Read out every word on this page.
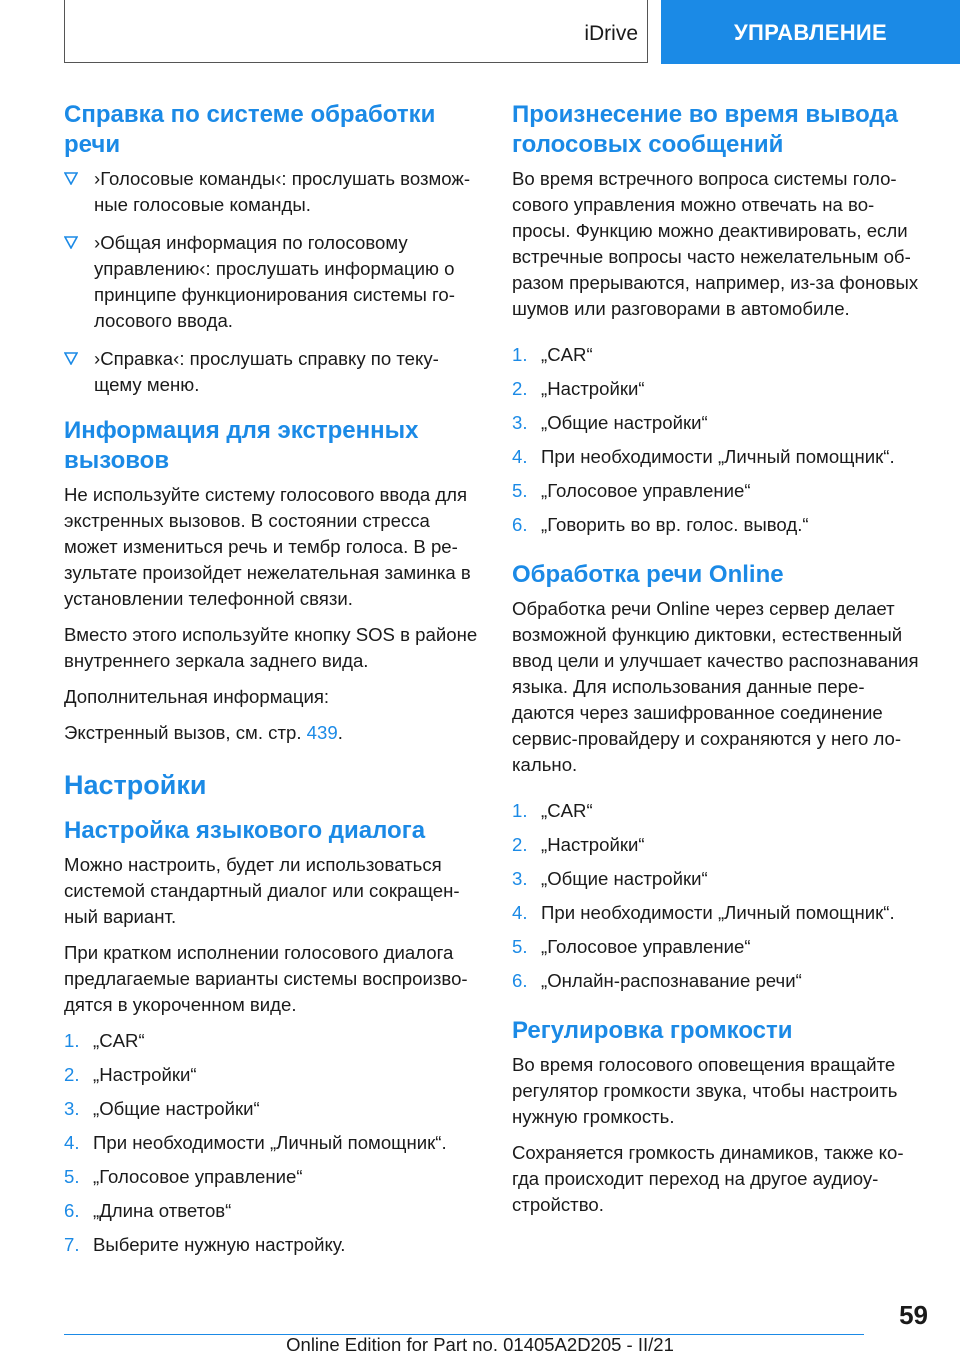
iDrive	УПРАВЛЕНИЕ
Справка по системе обработки речи
›Голосовые команды‹: прослушать возмож-ные голосовые команды.
›Общая информация по голосовому управлению‹: прослушать информацию о принципе функционирования системы го-лосового ввода.
›Справка‹: прослушать справку по теку-щему меню.
Информация для экстренных вызовов

Не используйте систему голосового ввода для экстренных вызовов. В состоянии стресса может измениться речь и тембр голоса. В ре-зультате произойдет нежелательная заминка в установлении телефонной связи.

Вместо этого используйте кнопку SOS в районе внутреннего зеркала заднего вида.

Дополнительная информация:

Экстренный вызов, см. стр. 439.

Настройки
Настройка языкового диалога

Можно настроить, будет ли использоваться системой стандартный диалог или сокращен-ный вариант.

При кратком исполнении голосового диалога предлагаемые варианты системы воспроизво-дятся в укороченном виде.

1. „CAR“
2. „Настройки“
3. „Общие настройки“
4. При необходимости „Личный помощник“.
5. „Голосовое управление“
6. „Длина ответов“
7. Выберите нужную настройку.
Произнесение во время вывода голосовых сообщений

Во время встречного вопроса системы голо-сового управления можно отвечать на во-просы. Функцию можно деактивировать, если встречные вопросы часто нежелательным об-разом прерываются, например, из-за фоновых шумов или разговорами в автомобиле.

1. „CAR“
2. „Настройки“
3. „Общие настройки“
4. При необходимости „Личный помощник“.
5. „Голосовое управление“
6. „Говорить во вр. голос. вывод.“
Обработка речи Online

Обработка речи Online через сервер делает возможной функцию диктовки, естественный ввод цели и улучшает качество распознавания языка. Для использования данные пере-даются через зашифрованное соединение сервис-провайдеру и сохраняются у него ло-кально.

1. „CAR“
2. „Настройки“
3. „Общие настройки“
4. При необходимости „Личный помощник“.
5. „Голосовое управление“
6. „Онлайн-распознавание речи“
Регулировка громкости

Во время голосового оповещения вращайте регулятор громкости звука, чтобы настроить нужную громкость.

Сохраняется громкость динамиков, также ко-гда происходит переход на другое аудиоу-стройство.

59
Online Edition for Part no. 01405A2D205 - II/21
